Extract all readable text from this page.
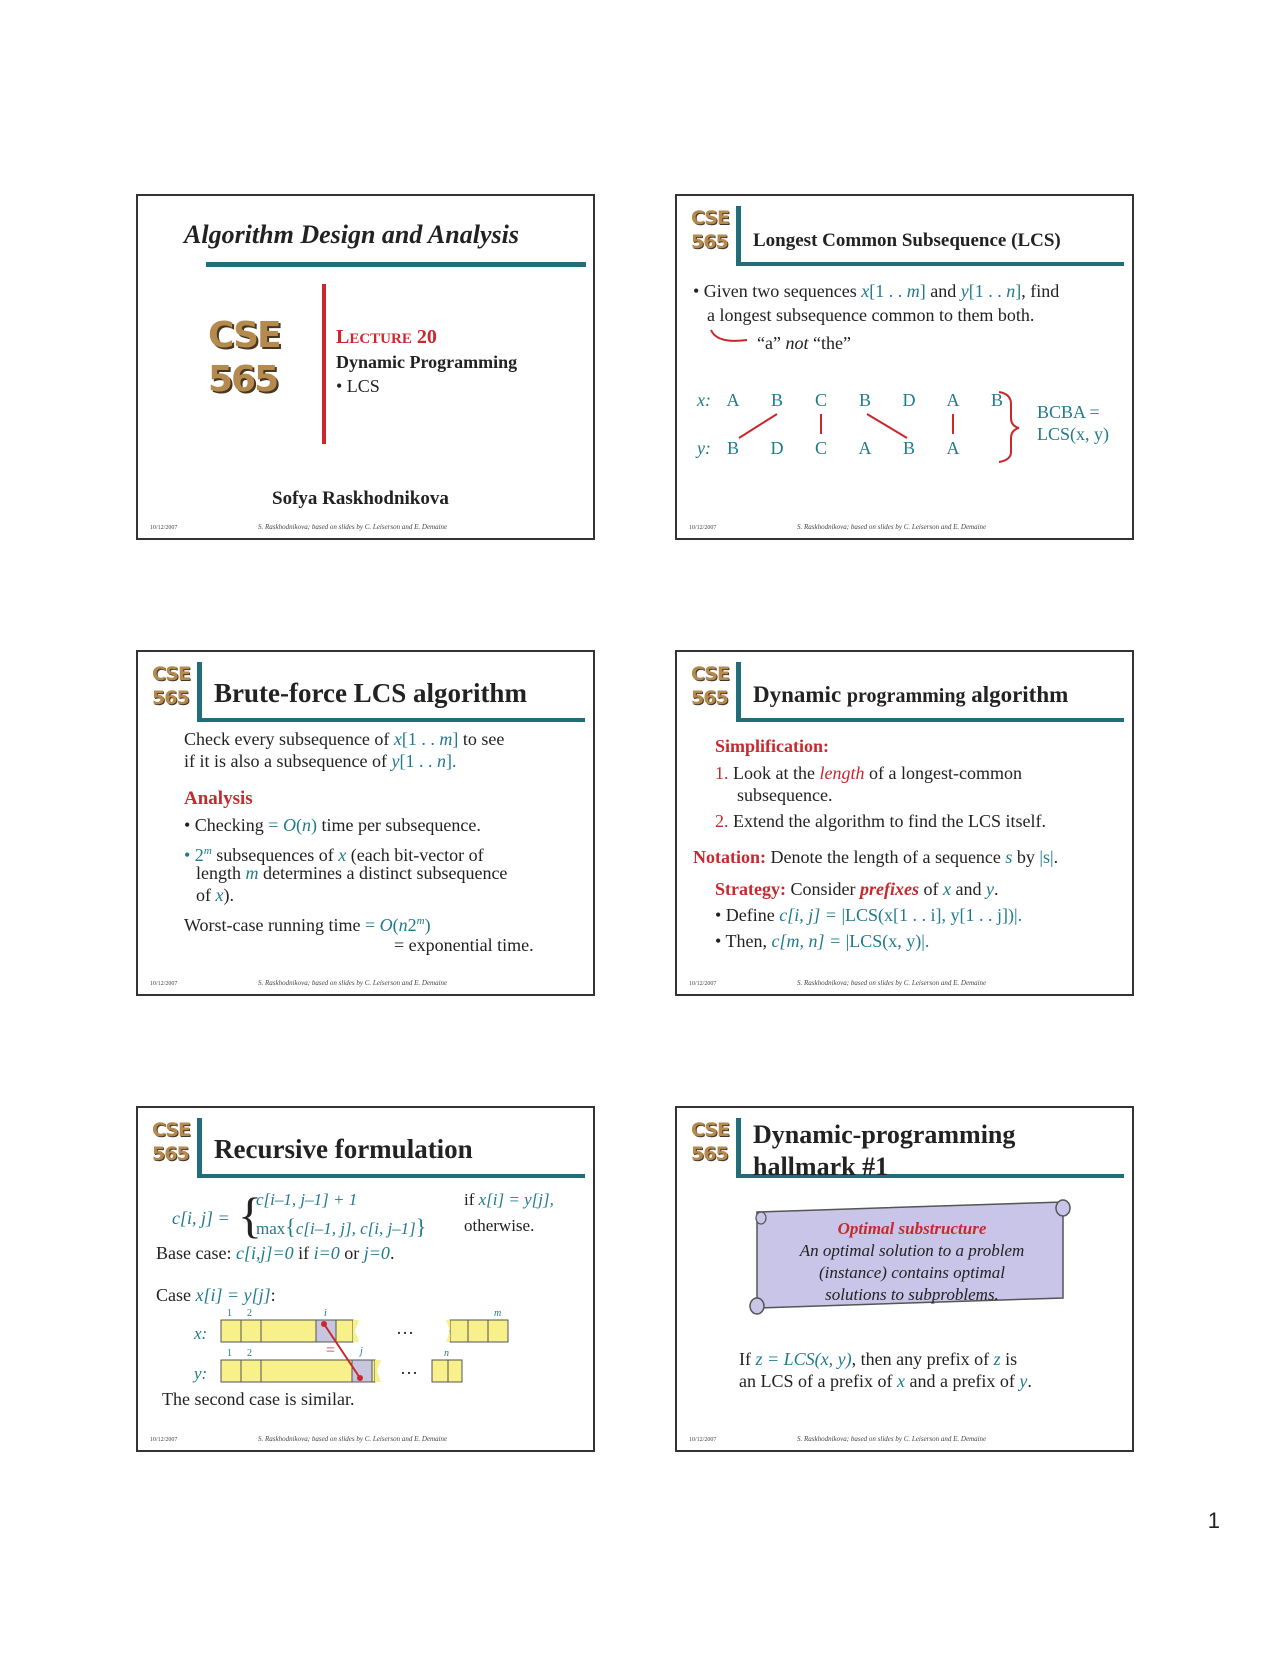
Algorithm Design and Analysis
CSE
565
LECTURE 20
Dynamic Programming
• LCS
Sofya Raskhodnikova
10/12/2007	S. Raskhodnikova; based on slides by C. Leiserson and E. Demaine
CSE
565	Longest Common Subsequence (LCS)
• Given two sequences x[1 . . m] and y[1 . . n], find
a longest subsequence common to them both.
“a” not “the”
x:
y:
A B C B D A B
B D C A B A
BCBA =
LCS(x, y)
10/12/2007	S. Raskhodnikova; based on slides by C. Leiserson and E. Demaine
CSE
565 Brute-force LCS algorithm
Check every subsequence of x[1 . . m] to see
if it is also a subsequence of y[1 . . n].
Analysis
• Checking = O(n) time per subsequence.
• 2$^m$ subsequences of x (each bit-vector of
length m determines a distinct subsequence
of x).
Worst-case running time = $O(n2^m)$
= exponential time.
10/12/2007	S. Raskhodnikova; based on slides by C. Leiserson and E. Demaine
CSE
565	Dynamic programming algorithm
Simplification:
1. Look at the length of a longest-common
subsequence.
2. Extend the algorithm to find the LCS itself.
Notation: Denote the length of a sequence s by |s|.
Strategy: Consider prefixes of x and y.
• Define c[i, j] = |LCS(x[1 . . i], y[1 . . j])|.
• Then, c[m, n] = |LCS(x, y)|.
10/12/2007	S. Raskhodnikova; based on slides by C. Leiserson and E. Demaine
CSE
565 Recursive formulation
c[i, j] = {
c[i–1, j–1] + 1
max{c[i–1, j], c[i, j–1]}
if x[i] = y[j],
otherwise.
Base case: c[i,j]=0 if i=0 or j=0.
Case x[i] = y[j]:
x:
y:
1 2	i	m
1 2	j	n
=
…
…
The second case is similar.
10/12/2007	S. Raskhodnikova; based on slides by C. Leiserson and E. Demaine
CSE
565
Dynamic-programming
hallmark #1
Optimal substructure
An optimal solution to a problem
(instance) contains optimal
solutions to subproblems.
If z = LCS(x, y), then any prefix of z is
an LCS of a prefix of x and a prefix of y.
10/12/2007	S. Raskhodnikova; based on slides by C. Leiserson and E. Demaine
1
